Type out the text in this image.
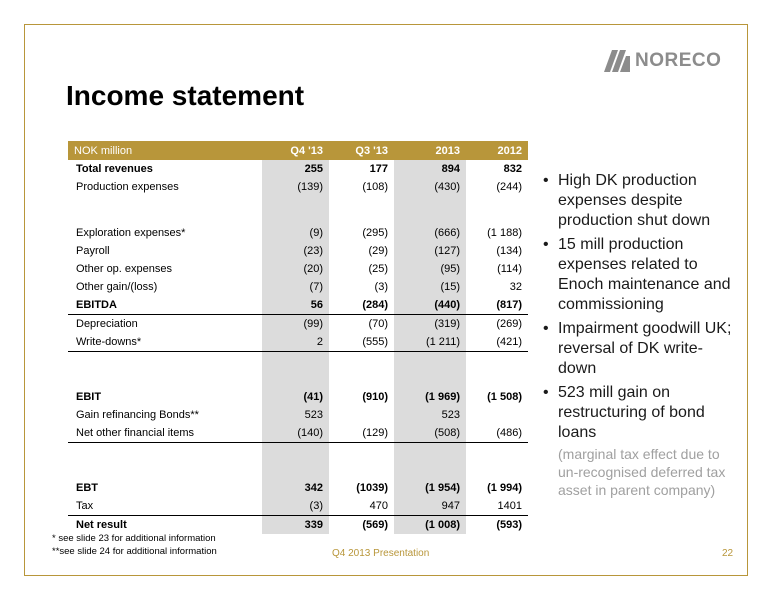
NORECO
Income statement
NOK million	Q4 '13	Q3 '13	2013	2012
Total revenues	255	177	894	832
Production expenses	(139)	(108)	(430)	(244)

Exploration expenses*	(9)	(295)	(666)	(1 188)
Payroll	(23)	(29)	(127)	(134)
Other op. expenses	(20)	(25)	(95)	(114)
Other gain/(loss)	(7)	(3)	(15)	32
EBITDA	56	(284)	(440)	(817)
Depreciation	(99)	(70)	(319)	(269)
Write-downs*	2	(555)	(1 211)	(421)

EBIT	(41)	(910)	(1 969)	(1 508)
Gain refinancing Bonds**	523		523	
Net other financial items	(140)	(129)	(508)	(486)

EBT	342	(1039)	(1 954)	(1 994)
Tax	(3)	470	947	1401
Net result	339	(569)	(1 008)	(593)
• High DK production expenses despite production shut down
• 15 mill production expenses related to Enoch maintenance and commissioning
• Impairment goodwill UK; reversal of DK write-down
• 523 mill gain on restructuring of bond loans
(marginal tax effect due to un-recognised deferred tax asset in parent company)
* see slide 23 for additional information
**see slide 24 for additional information	Q4 2013 Presentation	22
